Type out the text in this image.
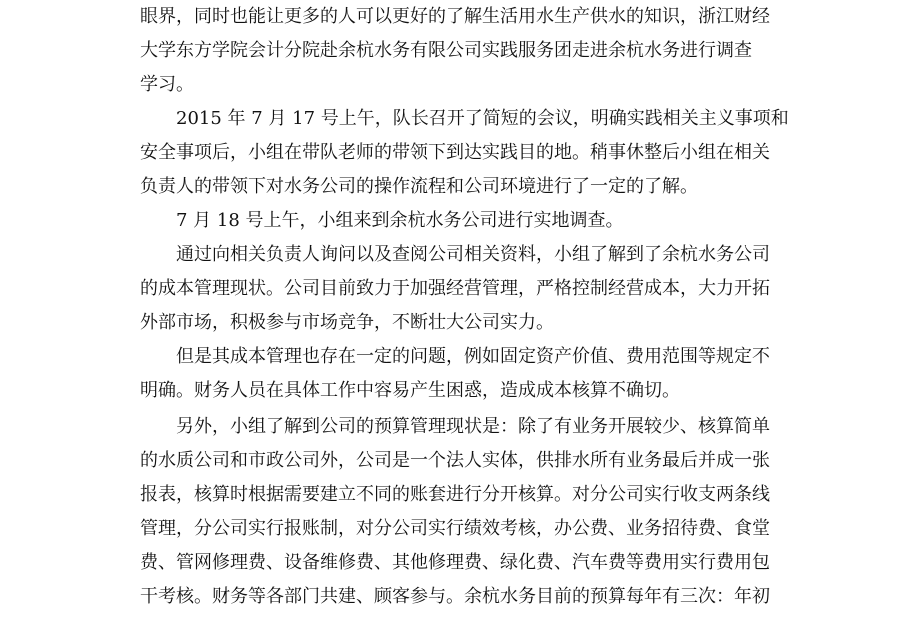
眼界，同时也能让更多的人可以更好的了解生活用水生产供水的知识，浙江财经
大学东方学院会计分院赴余杭水务有限公司实践服务团走进余杭水务进行调查
学习。
2015 年 7 月 17 号上午，队长召开了简短的会议，明确实践相关主义事项和
安全事项后，小组在带队老师的带领下到达实践目的地。稍事休整后小组在相关
负责人的带领下对水务公司的操作流程和公司环境进行了一定的了解。
7 月 18 号上午，小组来到余杭水务公司进行实地调查。
通过向相关负责人询问以及查阅公司相关资料，小组了解到了余杭水务公司
的成本管理现状。公司目前致力于加强经营管理，严格控制经营成本，大力开拓
外部市场，积极参与市场竞争，不断壮大公司实力。
但是其成本管理也存在一定的问题，例如固定资产价值、费用范围等规定不
明确。财务人员在具体工作中容易产生困惑，造成成本核算不确切。
另外，小组了解到公司的预算管理现状是：除了有业务开展较少、核算简单
的水质公司和市政公司外，公司是一个法人实体，供排水所有业务最后并成一张
报表，核算时根据需要建立不同的账套进行分开核算。对分公司实行收支两条线
管理，分公司实行报账制，对分公司实行绩效考核，办公费、业务招待费、食堂
费、管网修理费、设备维修费、其他修理费、绿化费、汽车费等费用实行费用包
干考核。财务等各部门共建、顾客参与。余杭水务目前的预算每年有三次：年初
